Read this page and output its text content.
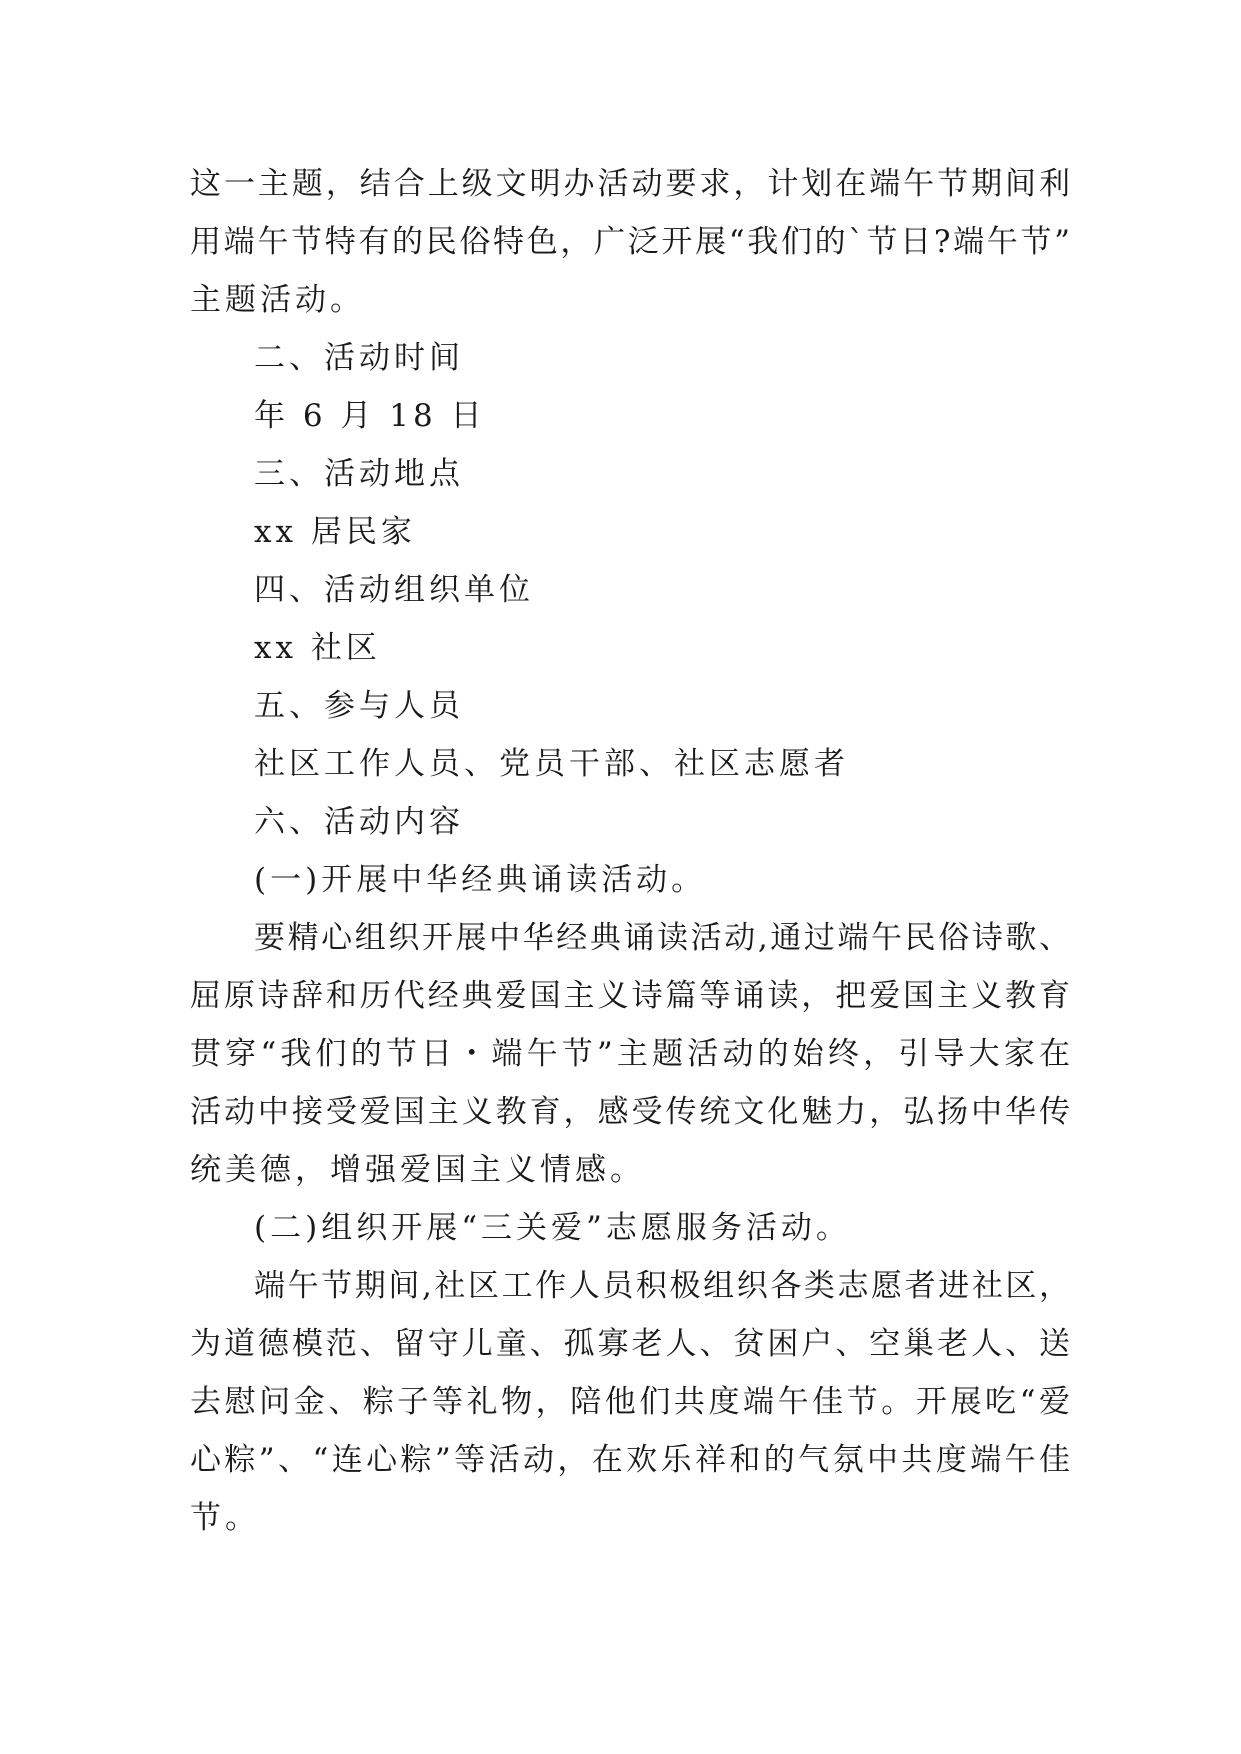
这一主题，结合上级文明办活动要求，计划在端午节期间利
用端午节特有的民俗特色，广泛开展“我们的`节日?端午节”
主题活动。
二、活动时间
年 6 月 18 日
三、活动地点
xx 居民家
四、活动组织单位
xx 社区
五、参与人员
社区工作人员、党员干部、社区志愿者
六、活动内容
(一)开展中华经典诵读活动。
要精心组织开展中华经典诵读活动,通过端午民俗诗歌、
屈原诗辞和历代经典爱国主义诗篇等诵读，把爱国主义教育
贯穿“我们的节日・端午节”主题活动的始终，引导大家在
活动中接受爱国主义教育，感受传统文化魅力，弘扬中华传
统美德，增强爱国主义情感。
(二)组织开展“三关爱”志愿服务活动。
端午节期间,社区工作人员积极组织各类志愿者进社区，
为道德模范、留守儿童、孤寡老人、贫困户、空巢老人、送
去慰问金、粽子等礼物，陪他们共度端午佳节。开展吃“爱
心粽”、“连心粽”等活动，在欢乐祥和的气氛中共度端午佳
节。
